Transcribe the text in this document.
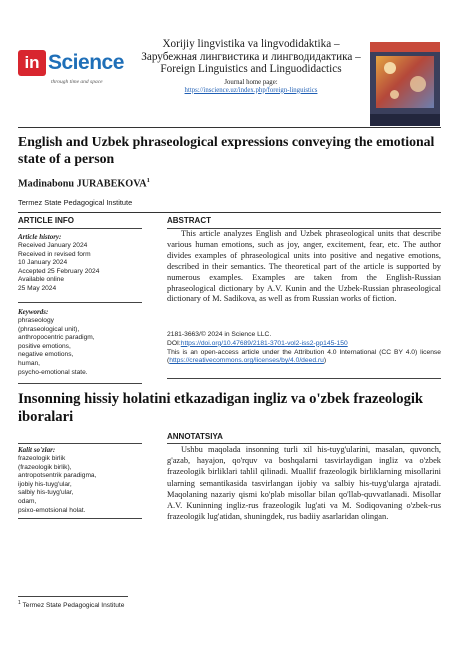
in Science
through time and space
Xorijiy lingvistika va lingvodidaktika – Зарубежная лингвистика и лингводидактика – Foreign Linguistics and Linguodidactics
Journal home page:
https://inscience.uz/index.php/foreign-linguistics
English and Uzbek phraseological expressions conveying the emotional state of a person
Madinabonu JURABEKOVA$^1$
Termez State Pedagogical Institute
ARTICLE INFO
Article history:
Received January 2024
Received in revised form
10 January 2024
Accepted 25 February 2024
Available online
25 May 2024
Keywords:
phraseology
(phraseological unit),
anthropocentric paradigm,
positive emotions,
negative emotions,
human,
psycho-emotional state.
ABSTRACT
This article analyzes English and Uzbek phraseological units that describe various human emotions, such as joy, anger, excitement, fear, etc. The author divides examples of phraseological units into positive and negative emotions, described in their semantics. The theoretical part of the article is supported by numerous examples. Examples are taken from the English-Russian phraseological dictionary by A.V. Kunin and the Uzbek-Russian phraseological dictionary of M. Sadikova, as well as from Russian works of fiction.
2181-3663/© 2024 in Science LLC.
DOI:https://doi.org/10.47689/2181-3701-vol2-iss2-pp145-150
This is an open-access article under the Attribution 4.0 International (CC BY 4.0) license (https://creativecommons.org/licenses/by/4.0/deed.ru)
Insonning hissiy holatini etkazadigan ingliz va o'zbek frazeologik iboralari
ANNOTATSIYA
Ushbu maqolada insonning turli xil his-tuyg'ularini, masalan, quvonch, g'azab, hayajon, qo'rquv va boshqalarni tasvirlaydigan ingliz va o'zbek frazeologik birliklari tahlil qilinadi. Muallif frazeologik birliklarning misollarini ularning semantikasida tasvirlangan ijobiy va salbiy his-tuyg'ularga ajratadi. Maqolaning nazariy qismi ko'plab misollar bilan qo'llab-quvvatlanadi. Misollar A.V. Kuninning ingliz-rus frazeologik lug'ati va M. Sodiqovaning o'zbek-rus frazeologik lug'atidan, shuningdek, rus badiiy asarlaridan olingan.
Kalit so'zlar:
frazeologik birlik
(frazeologik birlik),
antropotsentrik paradigma,
ijobiy his-tuyg'ular,
salbiy his-tuyg'ular,
odam,
psixo-emotsional holat.
$^1$ Termez State Pedagogical Institute
